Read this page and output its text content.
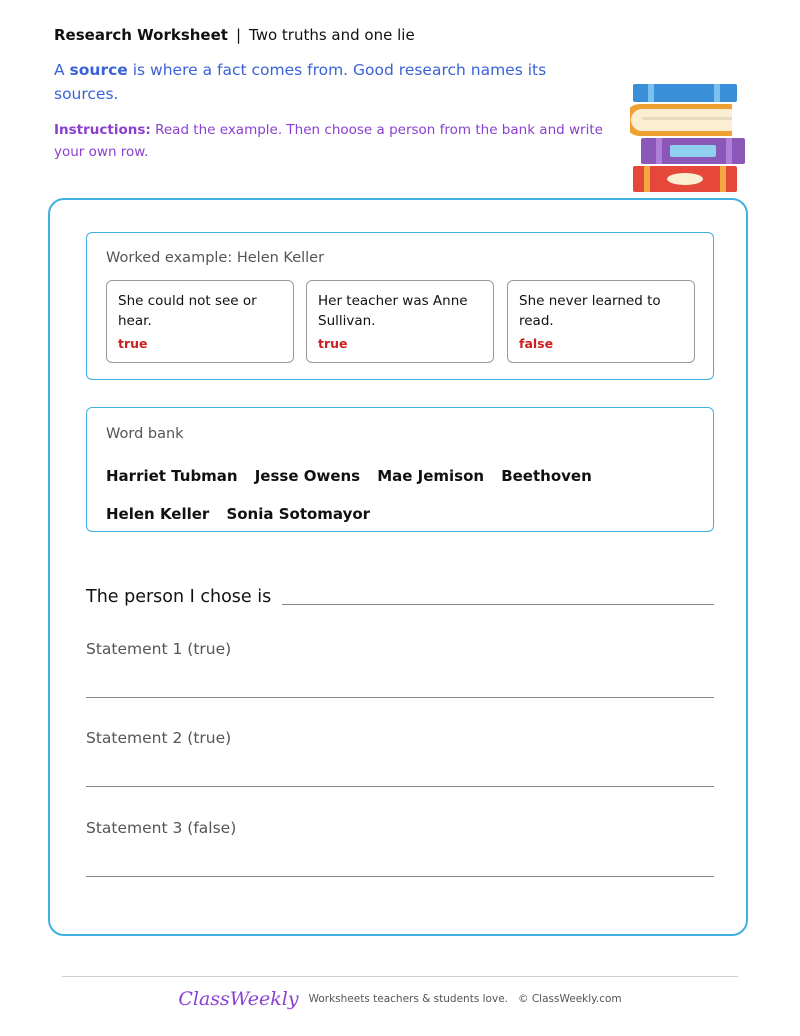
Research Worksheet | Two truths and one lie
A source is where a fact comes from. Good research names its sources.
Instructions: Read the example. Then choose a person from the bank and write your own row.
Worked example: Helen Keller
She could not see or hear.
true
Her teacher was Anne Sullivan.
true
She never learned to read.
false
Word bank
Harriet Tubman Jesse Owens Mae Jemison Beethoven Helen Keller Sonia Sotomayor
The person I chose is
Statement 1 (true)
Statement 2 (true)
Statement 3 (false)
ClassWeekly Worksheets teachers & students love. © ClassWeekly.com
